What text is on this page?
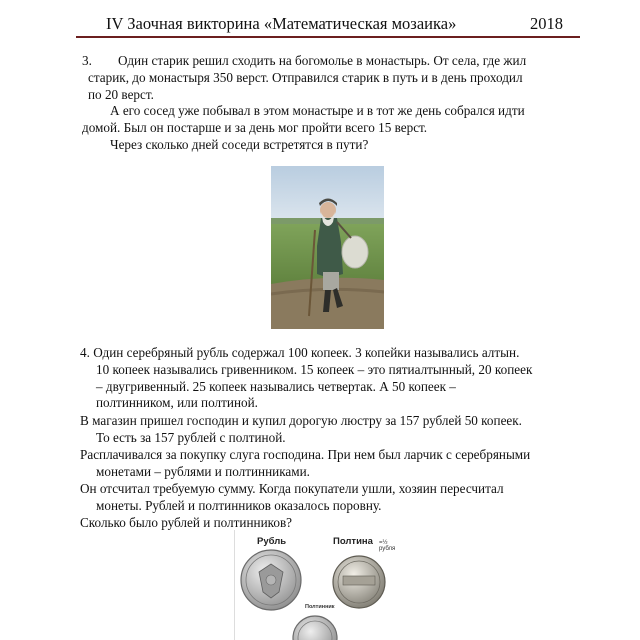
IV Заочная викторина «Математическая мозаика»	2018
3. Один старик решил сходить на богомолье в монастырь. От села, где жил
старик, до монастыря 350 верст. Отправился старик в путь и в день проходил
по 20 верст.
А его сосед уже побывал в этом монастыре и в тот же день собрался идти
домой. Был он постарше и за день мог пройти всего 15 верст.
Через сколько дней соседи встретятся в пути?
4. Один серебряный рубль содержал 100 копеек. 3 копейки назывались алтын.
10 копеек назывались гривенником. 15 копеек – это пятиалтынный, 20 копеек
– двугривенный. 25 копеек назывались четвертак. А 50 копеек –
полтинником, или полтиной.
В магазин пришел господин и купил дорогую люстру за 157 рублей 50 копеек.
То есть за 157 рублей с полтиной.
Расплачивался за покупку слуга господина. При нем был ларчик с серебряными
монетами – рублями и полтинниками.
Он отсчитал требуемую сумму. Когда покупатели ушли, хозяин пересчитал
монеты. Рублей и полтинников оказалось поровну.
Сколько было рублей и полтинников?
Рубль	Полтина =½ рубля
Полтинник
